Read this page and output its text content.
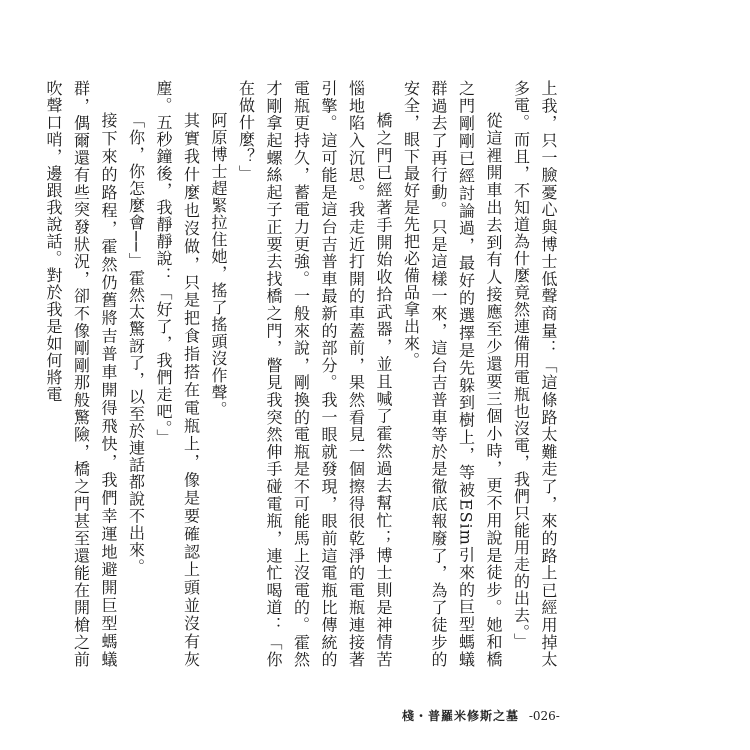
上我，只一臉憂心與博士低聲商量：「這條路太難走了，來的路上已經用掉太多電。而且，不知道為什麼竟然連備用電瓶也沒電，我們只能用走的出去。」

從這裡開車出去到有人接應至少還要三個小時，更不用說是徒步。她和橋之門剛剛已經討論過，最好的選擇是先躲到樹上，等被ESim引來的巨型螞蟻群過去了再行動。只是這樣一來，這台吉普車等於是徹底報廢了，為了徒步的安全，眼下最好是先把必備品拿出來。

橋之門已經著手開始收拾武器，並且喊了霍然過去幫忙；博士則是神情苦惱地陷入沉思。我走近打開的車蓋前，果然看見一個擦得很乾淨的電瓶連接著引擎。這可能是這台吉普車最新的部分。我一眼就發現，眼前這電瓶比傳統的電瓶更持久，蓄電力更強。一般來說，剛換的電瓶是不可能馬上沒電的。霍然才剛拿起螺絲起子正要去找橋之門，瞥見我突然伸手碰電瓶，連忙喝道：「你在做什麼？」

阿原博士趕緊拉住她，搖了搖頭沒作聲。

其實我什麼也沒做，只是把食指搭在電瓶上，像是要確認上頭並沒有灰塵。五秒鐘後，我靜靜說：「好了，我們走吧。」

「你，你怎麼會──」霍然太驚訝了，以至於連話都說不出來。

接下來的路程，霍然仍舊將吉普車開得飛快，我們幸運地避開巨型螞蟻群，偶爾還有些突發狀況，卻不像剛剛那般驚險，橋之門甚至還能在開槍之前吹聲口哨，邊跟我說話。對於我是如何將電

棧・普羅米修斯之墓 -026-
